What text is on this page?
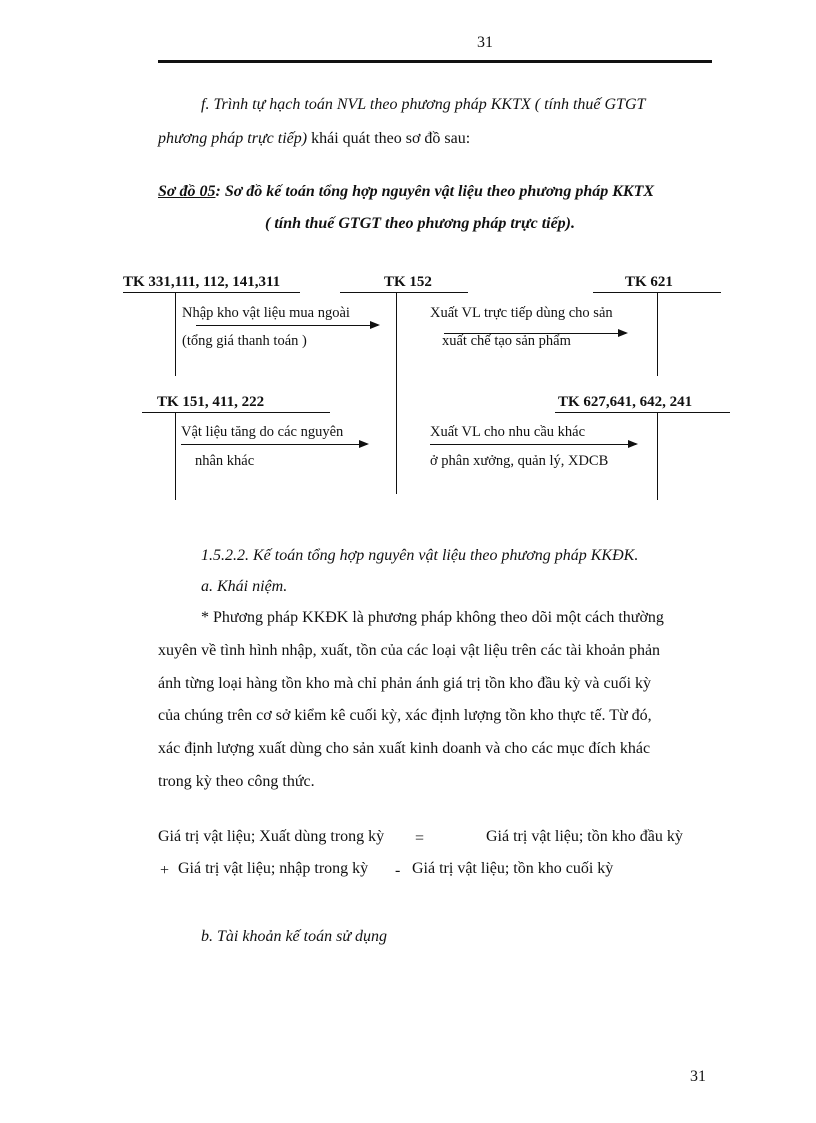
31
f. Trình tự hạch toán NVL theo phương pháp KKTX ( tính thuế GTGT
phương pháp trực tiếp) khái quát theo sơ đồ sau:
Sơ đồ 05: Sơ đồ kế toán tổng hợp nguyên vật liệu theo phương pháp KKTX
( tính thuế GTGT theo phương pháp trực tiếp).
TK 331,111, 112, 141,311	TK 152	TK 621
Nhập kho vật liệu mua ngoài
(tổng giá thanh toán )
Xuất VL trực tiếp dùng cho sản
xuất chế tạo sản phẩm
TK 151, 411, 222	TK 627,641, 642, 241
Vật liệu tăng do các nguyên
nhân khác
Xuất VL cho nhu cầu khác
ở phân xưởng, quản lý, XDCB
1.5.2.2. Kế toán tổng hợp nguyên vật liệu theo phương pháp KKĐK.
a. Khái niệm.
* Phương pháp KKĐK là phương pháp không theo dõi một cách thường
xuyên về tình hình nhập, xuất, tồn của các loại vật liệu trên các tài khoản phản
ánh từng loại hàng tồn kho mà chỉ phản ánh giá trị tồn kho đầu kỳ và cuối kỳ
của chúng trên cơ sở kiểm kê cuối kỳ, xác định lượng tồn kho thực tế. Từ đó,
xác định lượng xuất dùng cho sản xuất kinh doanh và cho các mục đích khác
trong kỳ theo công thức.
Giá trị vật liệu; Xuất dùng trong kỳ =	Giá trị vật liệu; tồn kho đầu kỳ
+ Giá trị vật liệu; nhập trong kỳ - Giá trị vật liệu; tồn kho cuối kỳ
b. Tài khoản kế toán sử dụng
31
